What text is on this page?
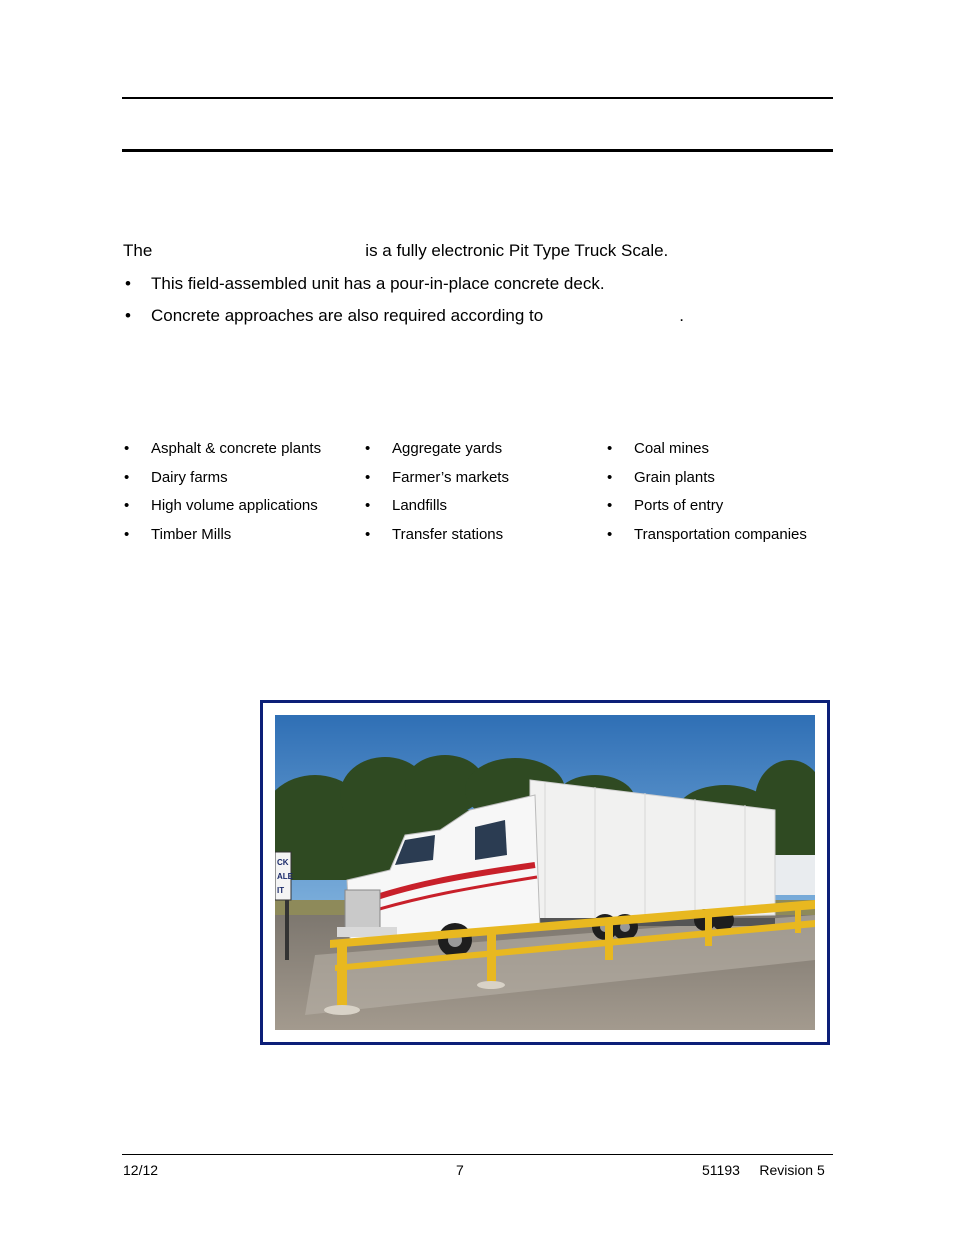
The	is a fully electronic Pit Type Truck Scale.
• This field-assembled unit has a pour-in-place concrete deck.
• Concrete approaches are also required according to	.
• Asphalt & concrete plants
• Dairy farms
• High volume applications
• Timber Mills
• Aggregate yards
• Farmer’s markets
• Landfills
• Transfer stations
• Coal mines
• Grain plants
• Ports of entry
• Transportation companies
CK
ALE
IT
12/12	7	51193 Revision 5
